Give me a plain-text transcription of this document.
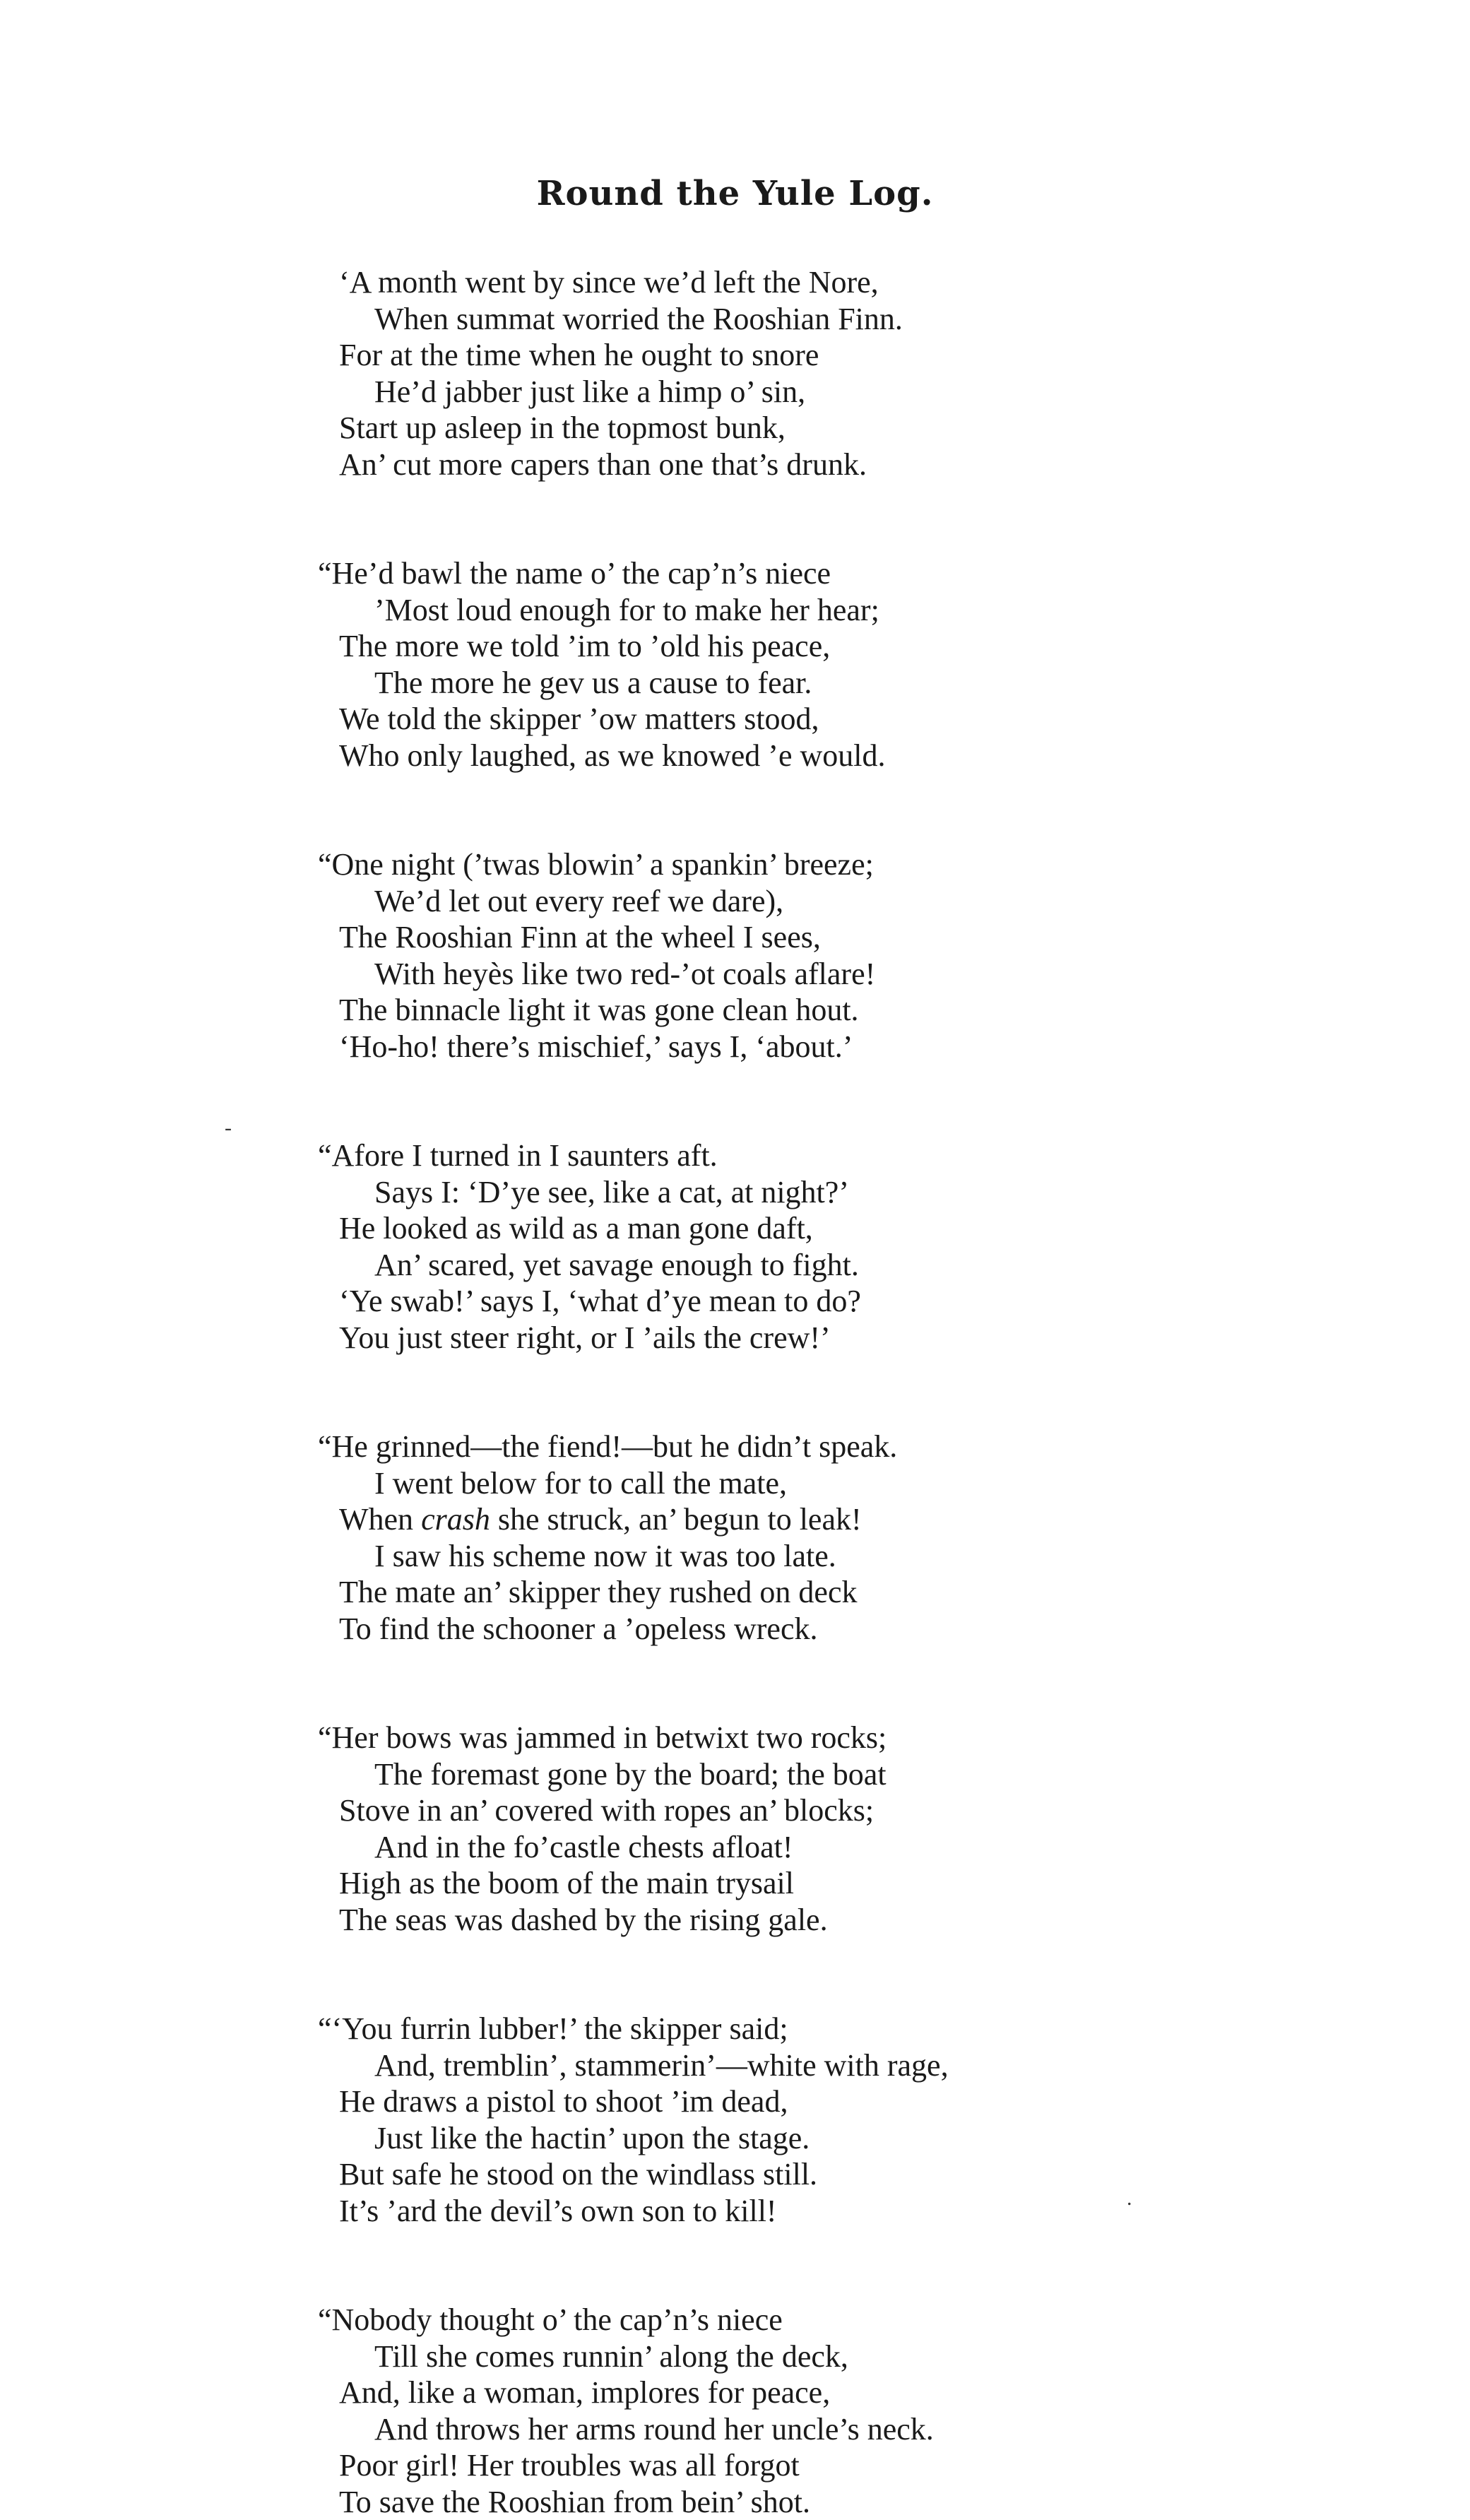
Round the Yule Log.
‘A month went by since we’d left the Nore,
When summat worried the Rooshian Finn.
For at the time when he ought to snore
He’d jabber just like a himp o’ sin,
Start up asleep in the topmost bunk,
An’ cut more capers than one that’s drunk.
“He’d bawl the name o’ the cap’n’s niece
’Most loud enough for to make her hear;
The more we told ’im to ’old his peace,
The more he gev us a cause to fear.
We told the skipper ’ow matters stood,
Who only laughed, as we knowed ’e would.
“One night (’twas blowin’ a spankin’ breeze;
We’d let out every reef we dare),
The Rooshian Finn at the wheel I sees,
With heyès like two red-’ot coals aflare!
The binnacle light it was gone clean hout.
‘Ho-ho! there’s mischief,’ says I, ‘about.’
“Afore I turned in I saunters aft.
Says I: ‘D’ye see, like a cat, at night?’
He looked as wild as a man gone daft,
An’ scared, yet savage enough to fight.
‘Ye swab!’ says I, ‘what d’ye mean to do?
You just steer right, or I ’ails the crew!’
“He grinned—the fiend!—but he didn’t speak.
I went below for to call the mate,
When crash she struck, an’ begun to leak!
I saw his scheme now it was too late.
The mate an’ skipper they rushed on deck
To find the schooner a ’opeless wreck.
“Her bows was jammed in betwixt two rocks;
The foremast gone by the board; the boat
Stove in an’ covered with ropes an’ blocks;
And in the fo’castle chests afloat!
High as the boom of the main trysail
The seas was dashed by the rising gale.
“‘You furrin lubber!’ the skipper said;
And, tremblin’, stammerin’—white with rage,
He draws a pistol to shoot ’im dead,
Just like the hactin’ upon the stage.
But safe he stood on the windlass still.
It’s ’ard the devil’s own son to kill!
“Nobody thought o’ the cap’n’s niece
Till she comes runnin’ along the deck,
And, like a woman, implores for peace,
And throws her arms round her uncle’s neck.
Poor girl! Her troubles was all forgot
To save the Rooshian from bein’ shot.
-
.
